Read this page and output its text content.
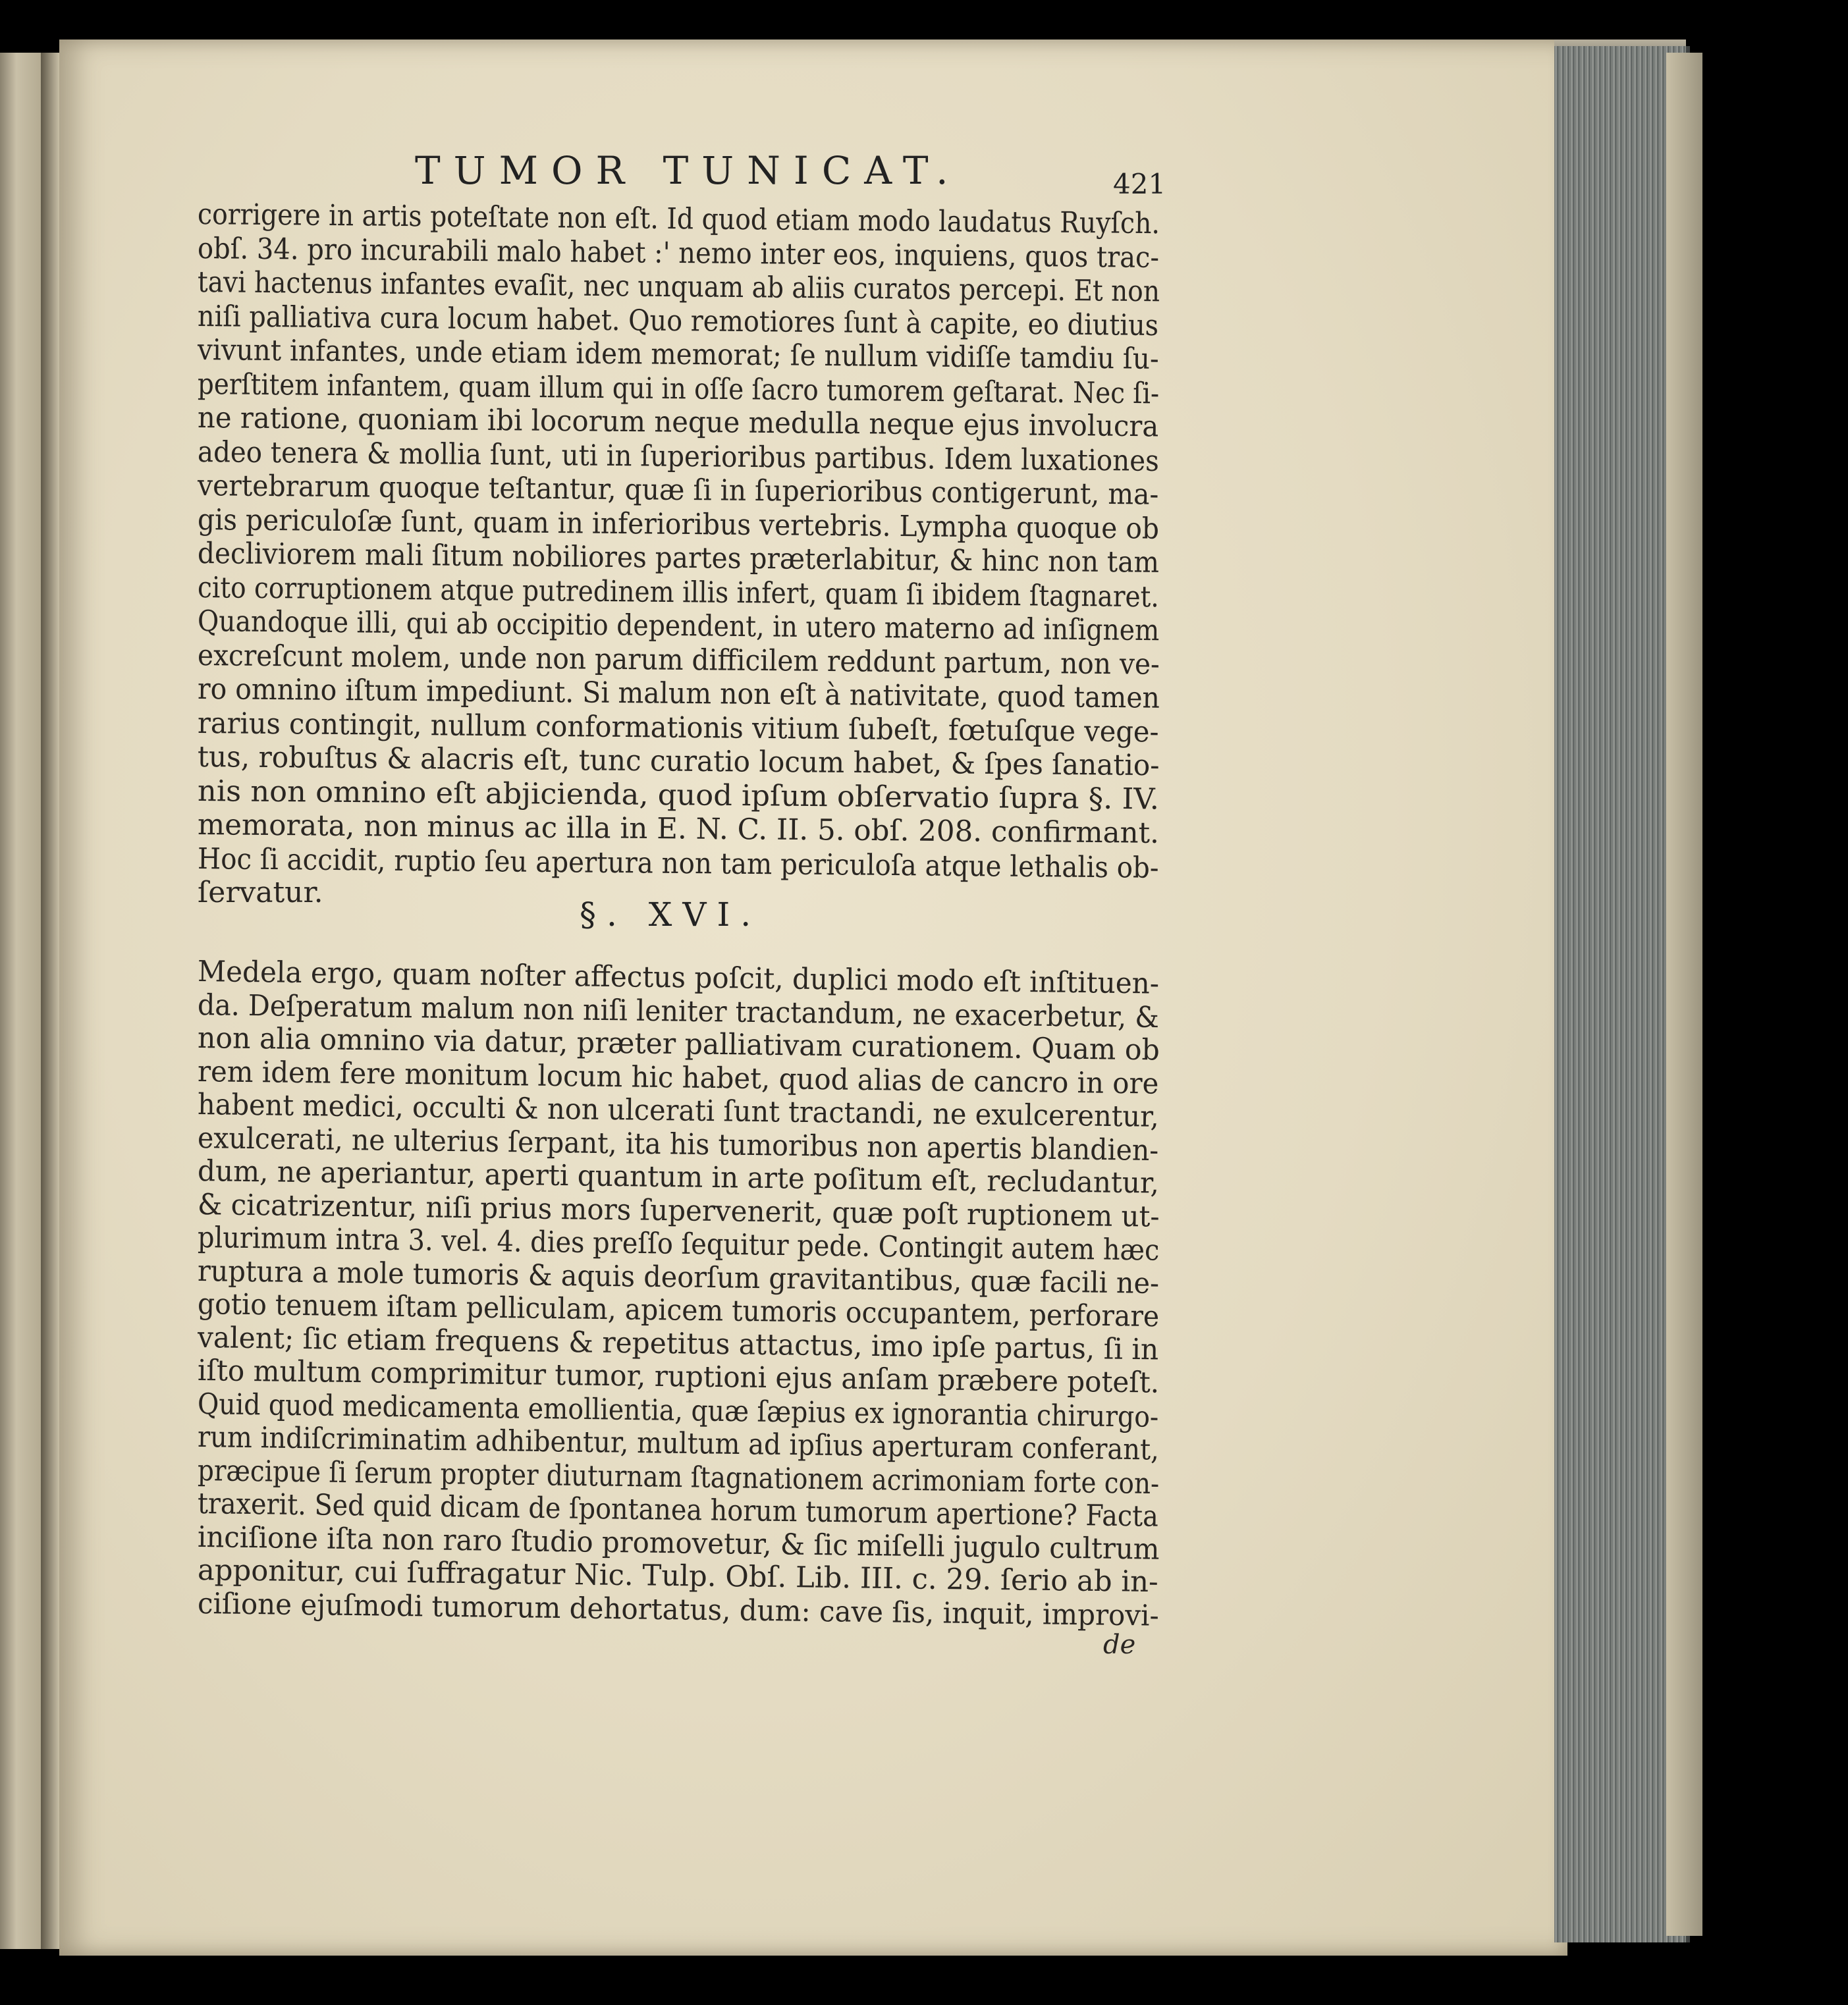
TUMOR TUNICAT.	421
corrigere in artis poteſtate non eſt. Id quod etiam modo laudatus Ruyſch.
obſ. 34. pro incurabili malo habet :' nemo inter eos, inquiens, quos trac-
tavi hactenus infantes evaſit, nec unquam ab aliis curatos percepi. Et non
niſi palliativa cura locum habet. Quo remotiores ſunt à capite, eo diutius
vivunt infantes, unde etiam idem memorat; ſe nullum vidiſſe tamdiu ſu-
perſtitem infantem, quam illum qui in oſſe ſacro tumorem geſtarat. Nec ſi-
ne ratione, quoniam ibi locorum neque medulla neque ejus involucra
adeo tenera & mollia ſunt, uti in ſuperioribus partibus. Idem luxationes
vertebrarum quoque teſtantur, quæ ſi in ſuperioribus contigerunt, ma-
gis periculoſæ ſunt, quam in inferioribus vertebris. Lympha quoque ob
decliviorem mali ſitum nobiliores partes præterlabitur, & hinc non tam
cito corruptionem atque putredinem illis infert, quam ſi ibidem ſtagnaret.
Quandoque illi, qui ab occipitio dependent, in utero materno ad inſignem
excreſcunt molem, unde non parum difficilem reddunt partum, non ve-
ro omnino iſtum impediunt. Si malum non eſt à nativitate, quod tamen
rarius contingit, nullum conformationis vitium ſubeſt, fœtuſque vege-
tus, robuſtus & alacris eſt, tunc curatio locum habet, & ſpes ſanatio-
nis non omnino eſt abjicienda, quod ipſum obſervatio ſupra §. IV.
memorata, non minus ac illa in E. N. C. II. 5. obſ. 208. confirmant.
Hoc ſi accidit, ruptio ſeu apertura non tam periculoſa atque lethalis ob-
ſervatur.
Medela ergo, quam noſter affectus poſcit, duplici modo eſt inſtituen-
da. Deſperatum malum non niſi leniter tractandum, ne exacerbetur, &
non alia omnino via datur, præter palliativam curationem. Quam ob
rem idem fere monitum locum hic habet, quod alias de cancro in ore
habent medici, occulti & non ulcerati ſunt tractandi, ne exulcerentur,
exulcerati, ne ulterius ſerpant, ita his tumoribus non apertis blandien-
dum, ne aperiantur, aperti quantum in arte poſitum eſt, recludantur,
& cicatrizentur, niſi prius mors ſupervenerit, quæ poſt ruptionem ut-
plurimum intra 3. vel. 4. dies preſſo ſequitur pede. Contingit autem hæc
ruptura a mole tumoris & aquis deorſum gravitantibus, quæ facili ne-
gotio tenuem iſtam pelliculam, apicem tumoris occupantem, perforare
valent; ſic etiam frequens & repetitus attactus, imo ipſe partus, ſi in
iſto multum comprimitur tumor, ruptioni ejus anſam præbere poteſt.
Quid quod medicamenta emollientia, quæ ſæpius ex ignorantia chirurgo-
rum indiſcriminatim adhibentur, multum ad ipſius aperturam conferant,
præcipue ſi ſerum propter diuturnam ſtagnationem acrimoniam forte con-
traxerit. Sed quid dicam de ſpontanea horum tumorum apertione? Facta
inciſione iſta non raro ſtudio promovetur, & ſic miſelli jugulo cultrum
apponitur, cui ſuffragatur Nic. Tulp. Obſ. Lib. III. c. 29. ſerio ab in-
ciſione ejuſmodi tumorum dehortatus, dum: cave ſis, inquit, improvi-
§. XVI.
de
